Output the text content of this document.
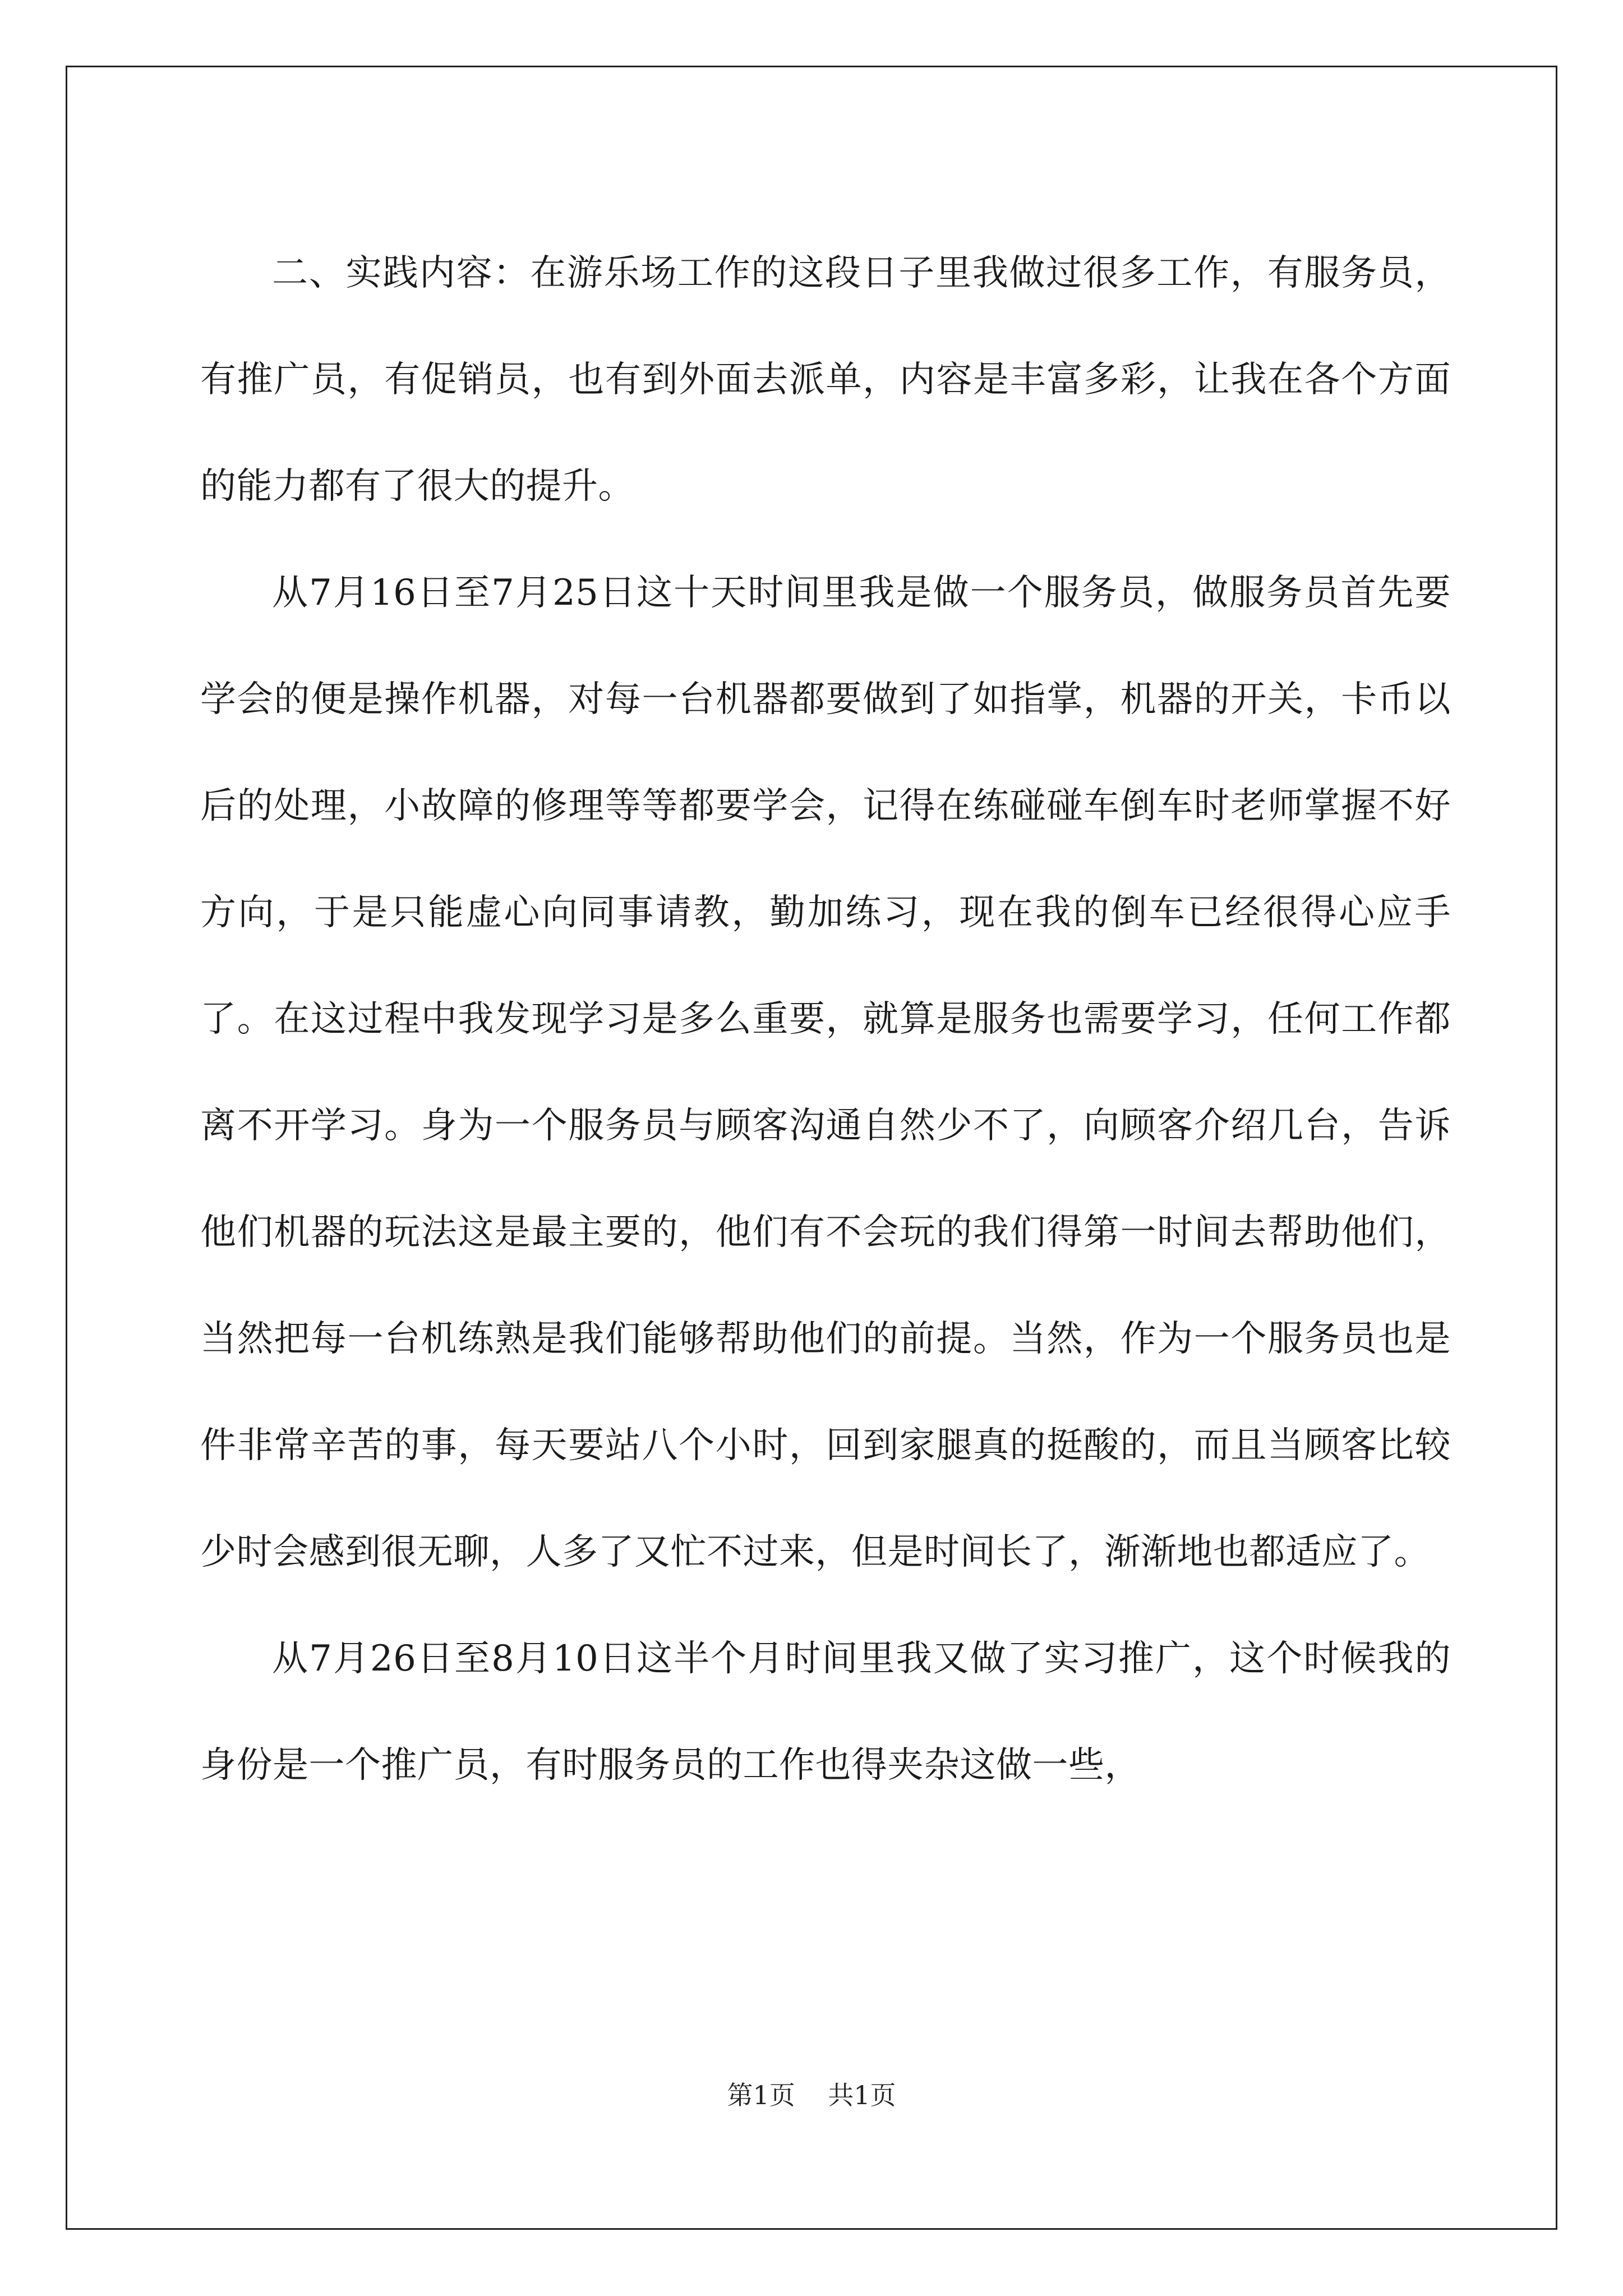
二、实践内容：在游乐场工作的这段日子里我做过很多工作，有服务员，有推广员，有促销员，也有到外面去派单，内容是丰富多彩，让我在各个方面的能力都有了很大的提升。

从7月16日至7月25日这十天时间里我是做一个服务员，做服务员首先要学会的便是操作机器，对每一台机器都要做到了如指掌，机器的开关，卡币以后的处理，小故障的修理等等都要学会，记得在练碰碰车倒车时老师掌握不好方向，于是只能虚心向同事请教，勤加练习，现在我的倒车已经很得心应手了。在这过程中我发现学习是多么重要，就算是服务也需要学习，任何工作都离不开学习。身为一个服务员与顾客沟通自然少不了，向顾客介绍几台，告诉他们机器的玩法这是最主要的，他们有不会玩的我们得第一时间去帮助他们，当然把每一台机练熟是我们能够帮助他们的前提。当然，作为一个服务员也是件非常辛苦的事，每天要站八个小时，回到家腿真的挺酸的，而且当顾客比较少时会感到很无聊，人多了又忙不过来，但是时间长了，渐渐地也都适应了。

从7月26日至8月10日这半个月时间里我又做了实习推广，这个时候我的身份是一个推广员，有时服务员的工作也得夹杂这做一些，

第1页 共1页
